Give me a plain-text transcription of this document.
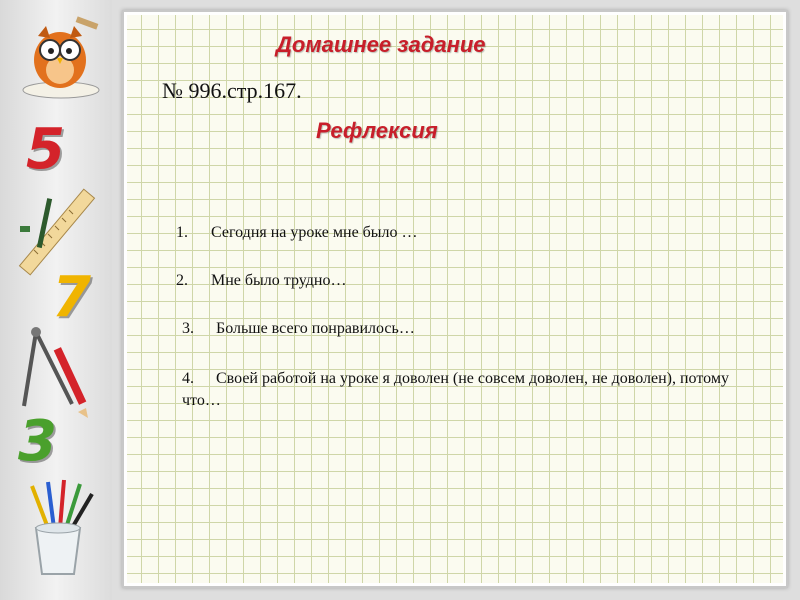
5
7
3
Домашнее задание
№ 996.стр.167.
Рефлексия
1. Сегодня на уроке мне было …
2. Мне было трудно…
3. Больше всего понравилось…
4. Своей работой на уроке я доволен (не совсем доволен, не доволен), потому что…
